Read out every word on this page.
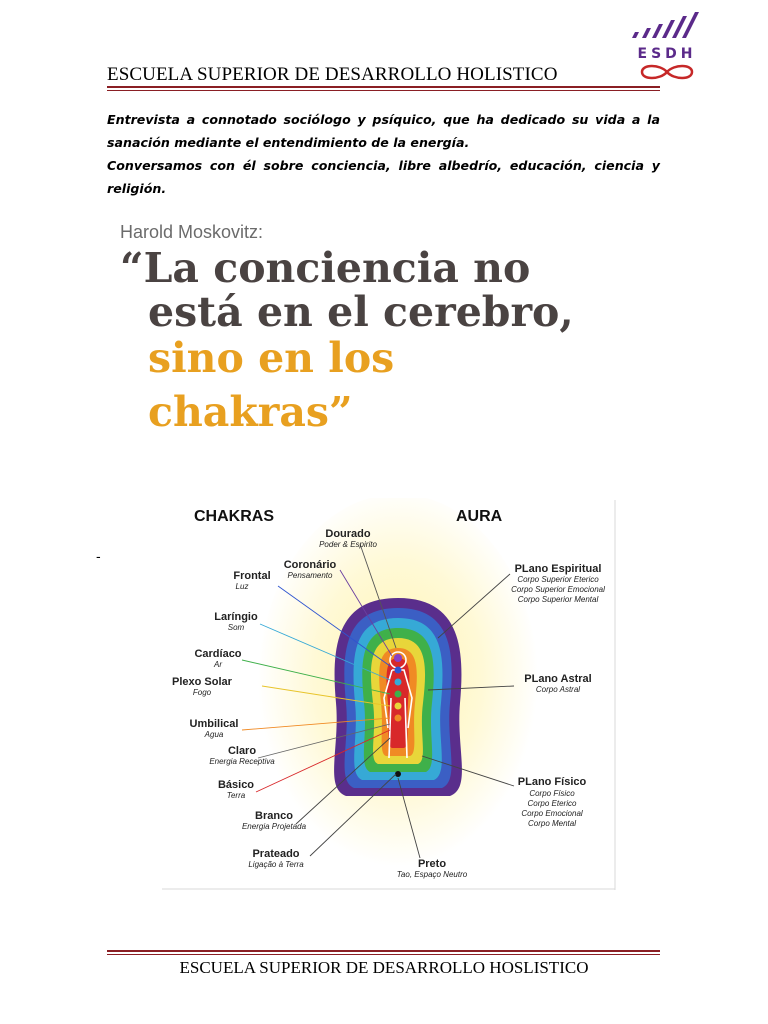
ESCUELA SUPERIOR DE DESARROLLO HOLISTICO
ESDH

Entrevista a connotado sociólogo y psíquico, que ha dedicado su vida a la sanación mediante el entendimiento de la energía.

Conversamos con él sobre conciencia, libre albedrío, educación, ciencia y religión.

Harold Moskovitz:
“La conciencia no
está en el cerebro,
sino en los
chakras”
-
CHAKRAS	AURA
Dourado
Poder & Espirito
Coronário
Pensamento
Frontal
Luz
Laríngio
Som
Cardíaco
Ar
Plexo Solar
Fogo
Umbilical
Agua
Claro
Energia Receptiva
Básico
Terra
Branco
Energia Projetada
Prateado
Ligação à Terra	Preto
Tao, Espaço Neutro
PLano Espiritual
Corpo Superior Eterico
Corpo Superior Emocional
Corpo Superior Mental
PLano Astral
Corpo Astral
PLano Físico
Corpo Físico
Corpo Eterico
Corpo Emocional
Corpo Mental
ESCUELA SUPERIOR DE DESARROLLO HOSLISTICO
